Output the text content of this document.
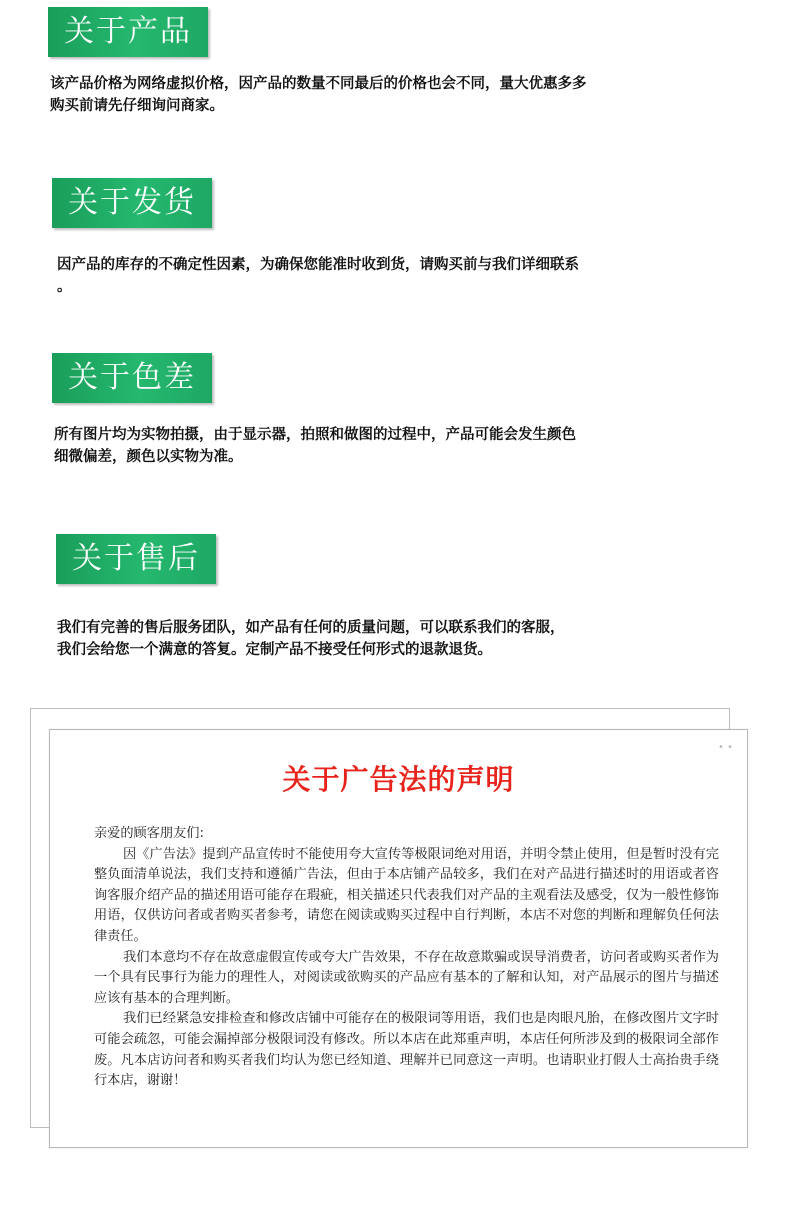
关于产品
该产品价格为网络虚拟价格，因产品的数量不同最后的价格也会不同，量大优惠多多
购买前请先仔细询问商家。
关于发货
因产品的库存的不确定性因素，为确保您能准时收到货，请购买前与我们详细联系
。
关于色差
所有图片均为实物拍摄，由于显示器，拍照和做图的过程中，产品可能会发生颜色
细微偏差，颜色以实物为准。
关于售后
我们有完善的售后服务团队，如产品有任何的质量问题，可以联系我们的客服，
我们会给您一个满意的答复。定制产品不接受任何形式的退款退货。
• •
关于广告法的声明

亲爱的顾客朋友们:

因《广告法》提到产品宣传时不能使用夸大宣传等极限词绝对用语，并明令禁止使用，但是暂时没有完整负面清单说法，我们支持和遵循广告法，但由于本店铺产品较多，我们在对产品进行描述时的用语或者咨询客服介绍产品的描述用语可能存在瑕疵，相关描述只代表我们对产品的主观看法及感受，仅为一般性修饰用语，仅供访问者或者购买者参考，请您在阅读或购买过程中自行判断，本店不对您的判断和理解负任何法律责任。

我们本意均不存在故意虚假宣传或夸大广告效果，不存在故意欺骗或误导消费者，访问者或购买者作为一个具有民事行为能力的理性人，对阅读或欲购买的产品应有基本的了解和认知，对产品展示的图片与描述应该有基本的合理判断。

我们已经紧急安排检查和修改店铺中可能存在的极限词等用语，我们也是肉眼凡胎，在修改图片文字时可能会疏忽，可能会漏掉部分极限词没有修改。所以本店在此郑重声明，本店任何所涉及到的极限词全部作废。凡本店访问者和购买者我们均认为您已经知道、理解并已同意这一声明。也请职业打假人士高抬贵手绕行本店，谢谢！
